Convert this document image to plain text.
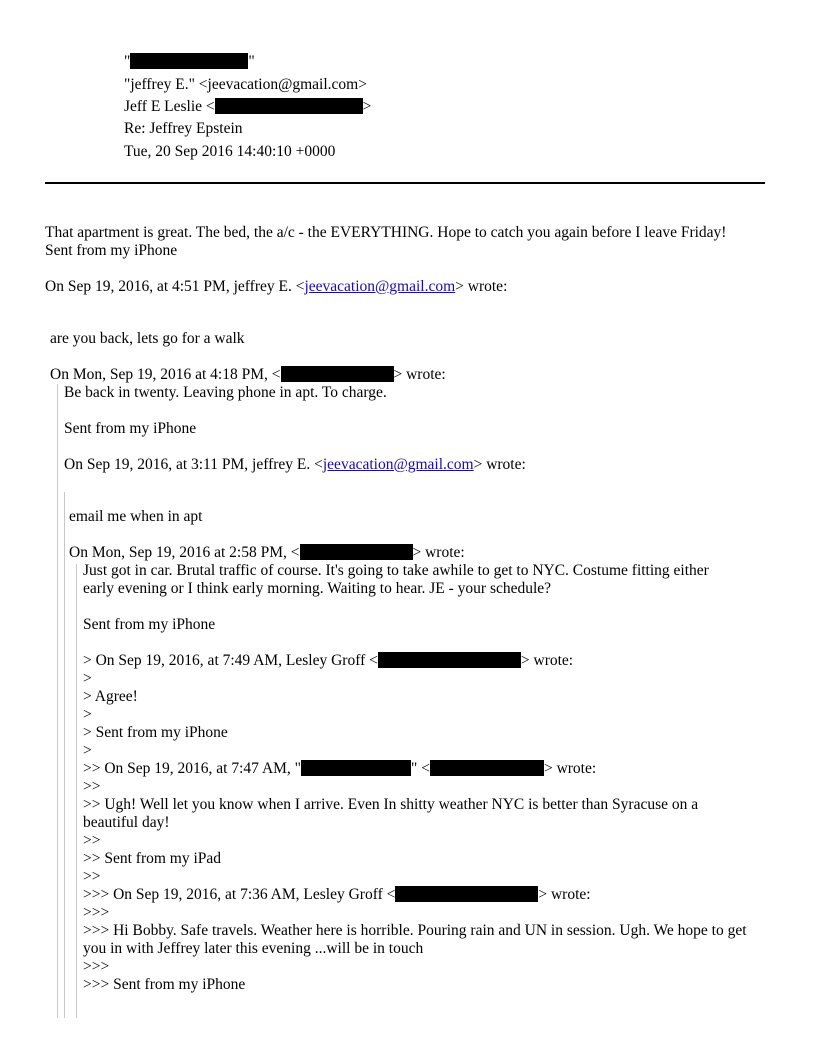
"	"
"jeffrey E." <jeevacation@gmail.com>
Jeff E Leslie <	>
Re: Jeffrey Epstein
Tue, 20 Sep 2016 14:40:10 +0000
That apartment is great. The bed, the a/c - the EVERYTHING. Hope to catch you again before I leave Friday!
Sent from my iPhone
On Sep 19, 2016, at 4:51 PM, jeffrey E. <jeevacation@gmail.com> wrote:
are you back, lets go for a walk
On Mon, Sep 19, 2016 at 4:18 PM, <	> wrote:
Be back in twenty. Leaving phone in apt. To charge.
Sent from my iPhone
On Sep 19, 2016, at 3:11 PM, jeffrey E. <jeevacation@gmail.com> wrote:
email me when in apt
On Mon, Sep 19, 2016 at 2:58 PM, <	> wrote:
Just got in car. Brutal traffic of course. It's going to take awhile to get to NYC. Costume fitting either early evening or I think early morning. Waiting to hear. JE - your schedule?
Sent from my iPhone
> On Sep 19, 2016, at 7:49 AM, Lesley Groff <	> wrote:
>
> Agree!
>
> Sent from my iPhone
>
>> On Sep 19, 2016, at 7:47 AM, "	" <	> wrote:
>>
>> Ugh! Well let you know when I arrive. Even In shitty weather NYC is better than Syracuse on a beautiful day!
>>
>> Sent from my iPad
>>
>>> On Sep 19, 2016, at 7:36 AM, Lesley Groff <	> wrote:
>>>
>>> Hi Bobby. Safe travels. Weather here is horrible. Pouring rain and UN in session. Ugh. We hope to get you in with Jeffrey later this evening ...will be in touch
>>>
>>> Sent from my iPhone
